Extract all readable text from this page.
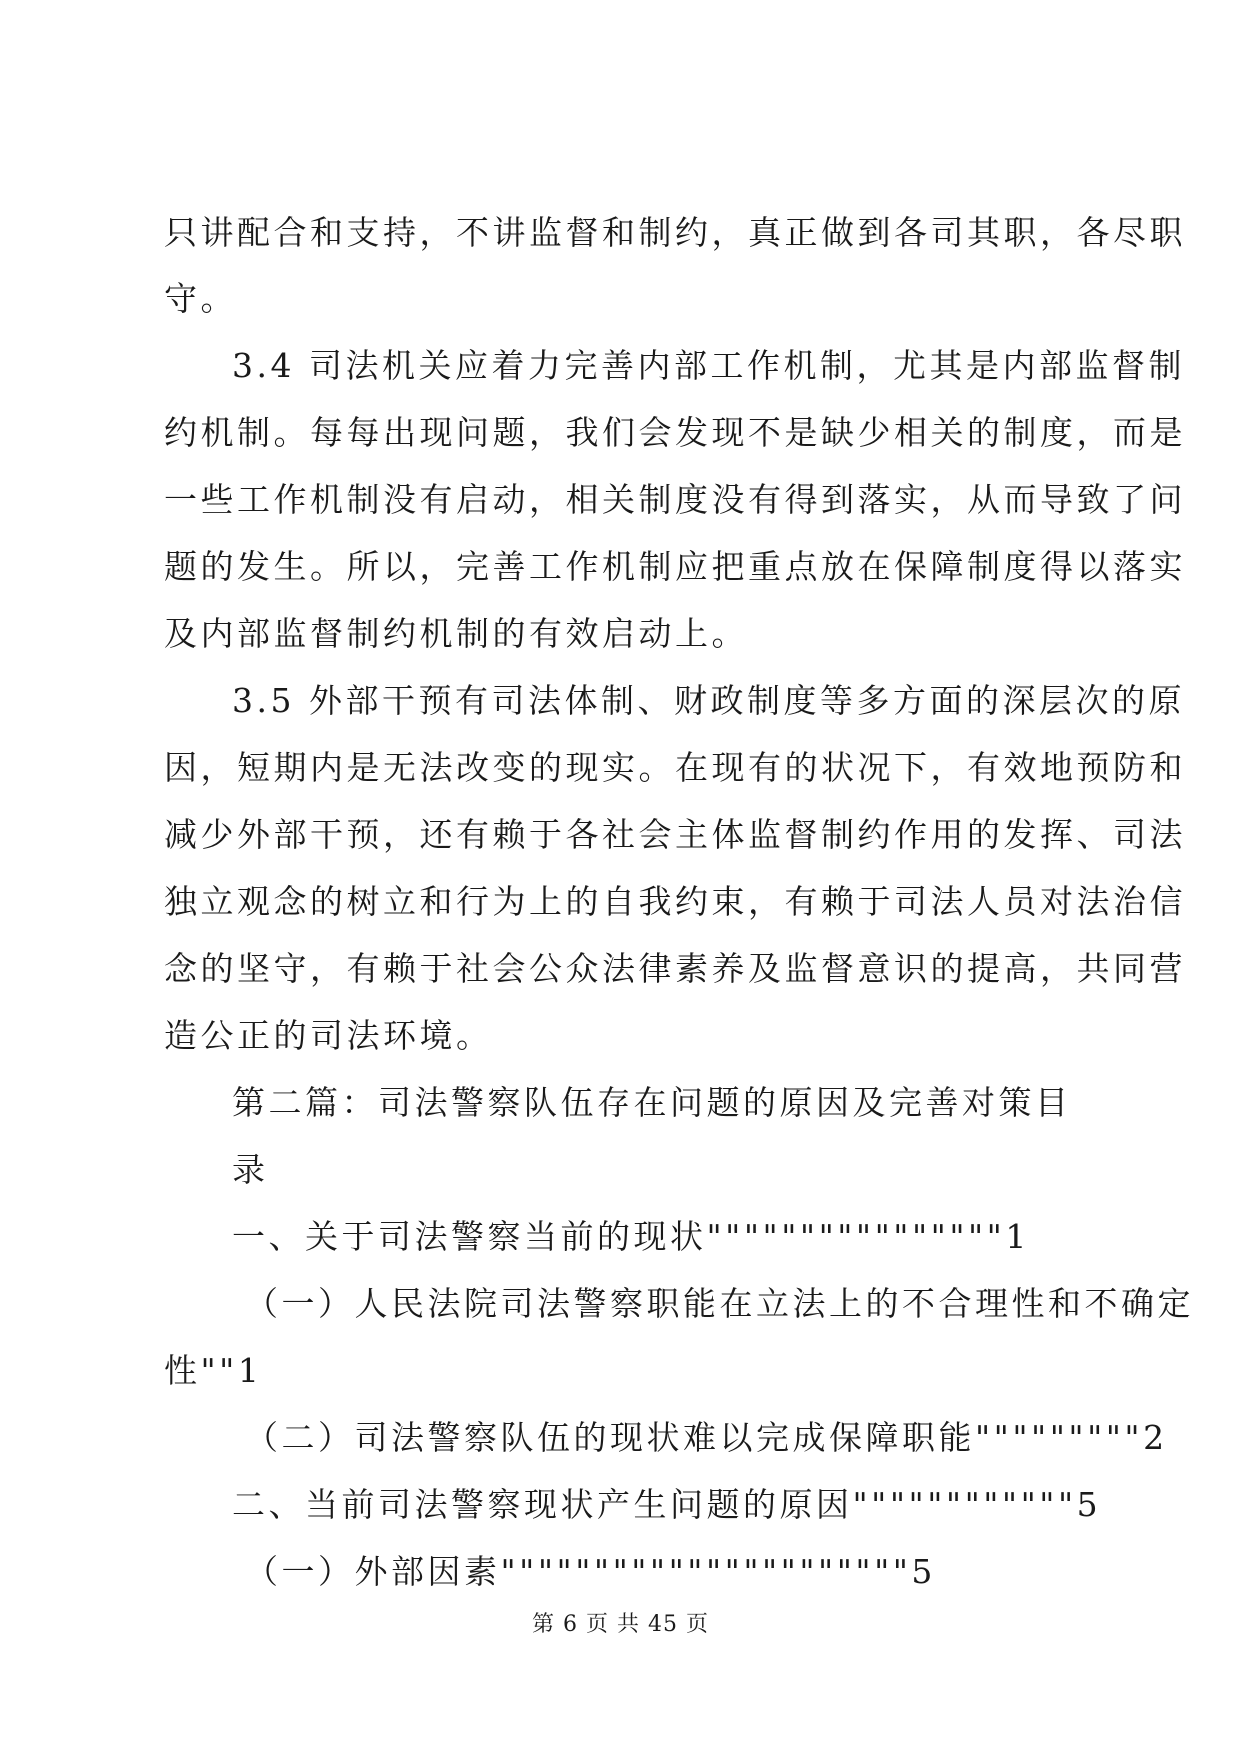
只讲配合和支持，不讲监督和制约，真正做到各司其职，各尽职
守。
3.4 司法机关应着力完善内部工作机制，尤其是内部监督制
约机制。每每出现问题，我们会发现不是缺少相关的制度，而是
一些工作机制没有启动，相关制度没有得到落实，从而导致了问
题的发生。所以，完善工作机制应把重点放在保障制度得以落实
及内部监督制约机制的有效启动上。
3.5 外部干预有司法体制、财政制度等多方面的深层次的原
因，短期内是无法改变的现实。在现有的状况下，有效地预防和
减少外部干预，还有赖于各社会主体监督制约作用的发挥、司法
独立观念的树立和行为上的自我约束，有赖于司法人员对法治信
念的坚守，有赖于社会公众法律素养及监督意识的提高，共同营
造公正的司法环境。
第二篇：司法警察队伍存在问题的原因及完善对策目
录
一、关于司法警察当前的现状""""""""""""""""1
（一）人民法院司法警察职能在立法上的不合理性和不确定
性""1
（二）司法警察队伍的现状难以完成保障职能"""""""""2
二、当前司法警察现状产生问题的原因""""""""""""5
（一）外部因素""""""""""""""""""""""5
第 6 页 共 45 页
